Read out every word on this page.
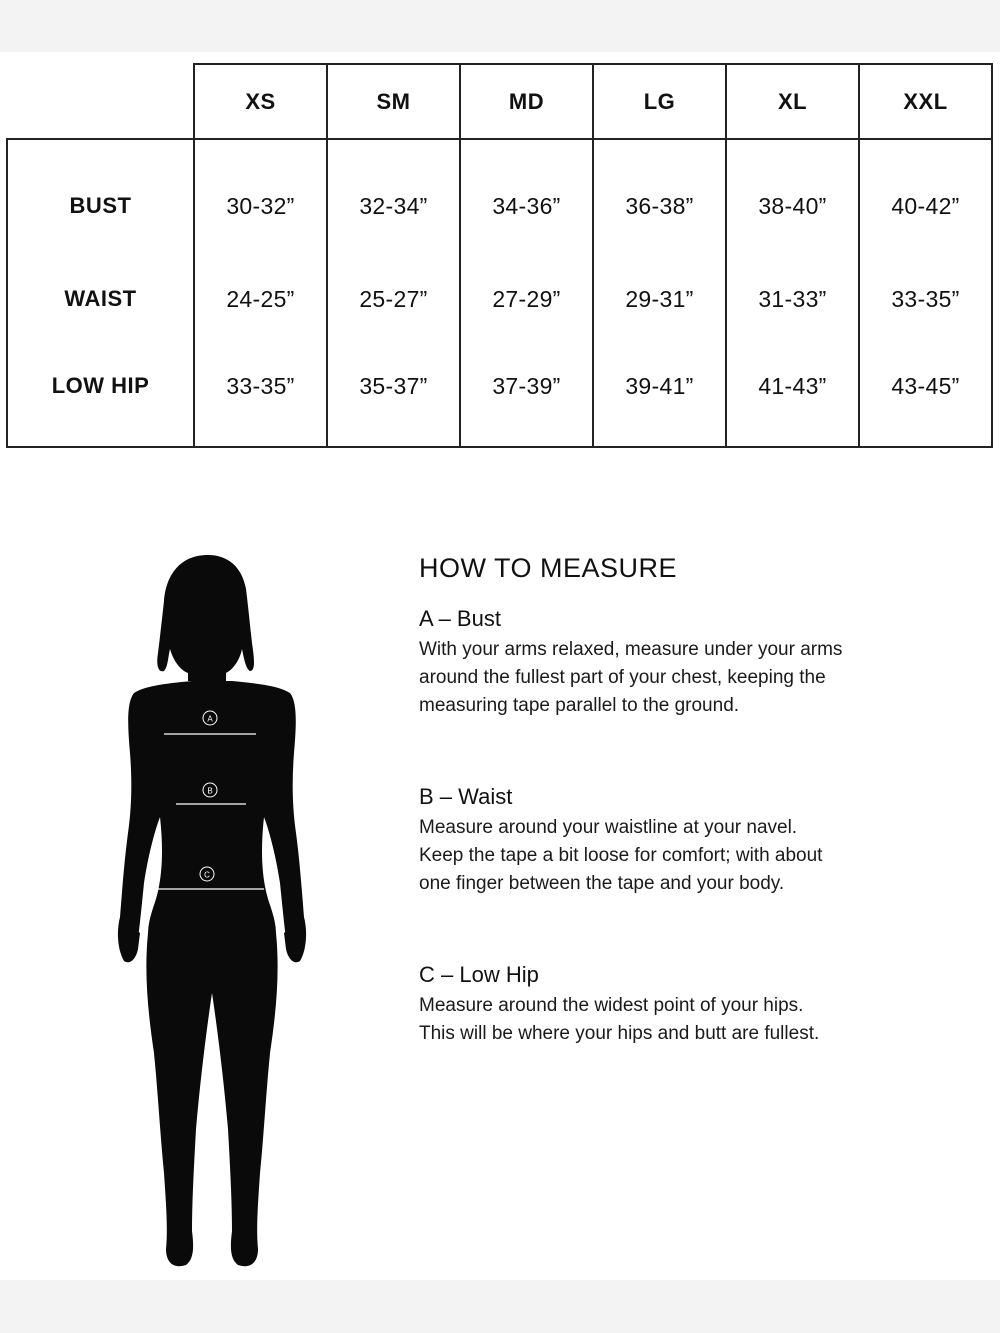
	XS	SM	MD	LG	XL	XXL
BUST	30-32”	32-34”	34-36”	36-38”	38-40”	40-42”
WAIST	24-25”	25-27”	27-29”	29-31”	31-33”	33-35”
LOW HIP	33-35”	35-37”	37-39”	39-41”	41-43”	43-45”
A
B
C
HOW TO MEASURE
A – Bust

With your arms relaxed, measure under your arms
around the fullest part of your chest, keeping the
measuring tape parallel to the ground.

B – Waist

Measure around your waistline at your navel.
Keep the tape a bit loose for comfort; with about
one finger between the tape and your body.

C – Low Hip

Measure around the widest point of your hips.
This will be where your hips and butt are fullest.
